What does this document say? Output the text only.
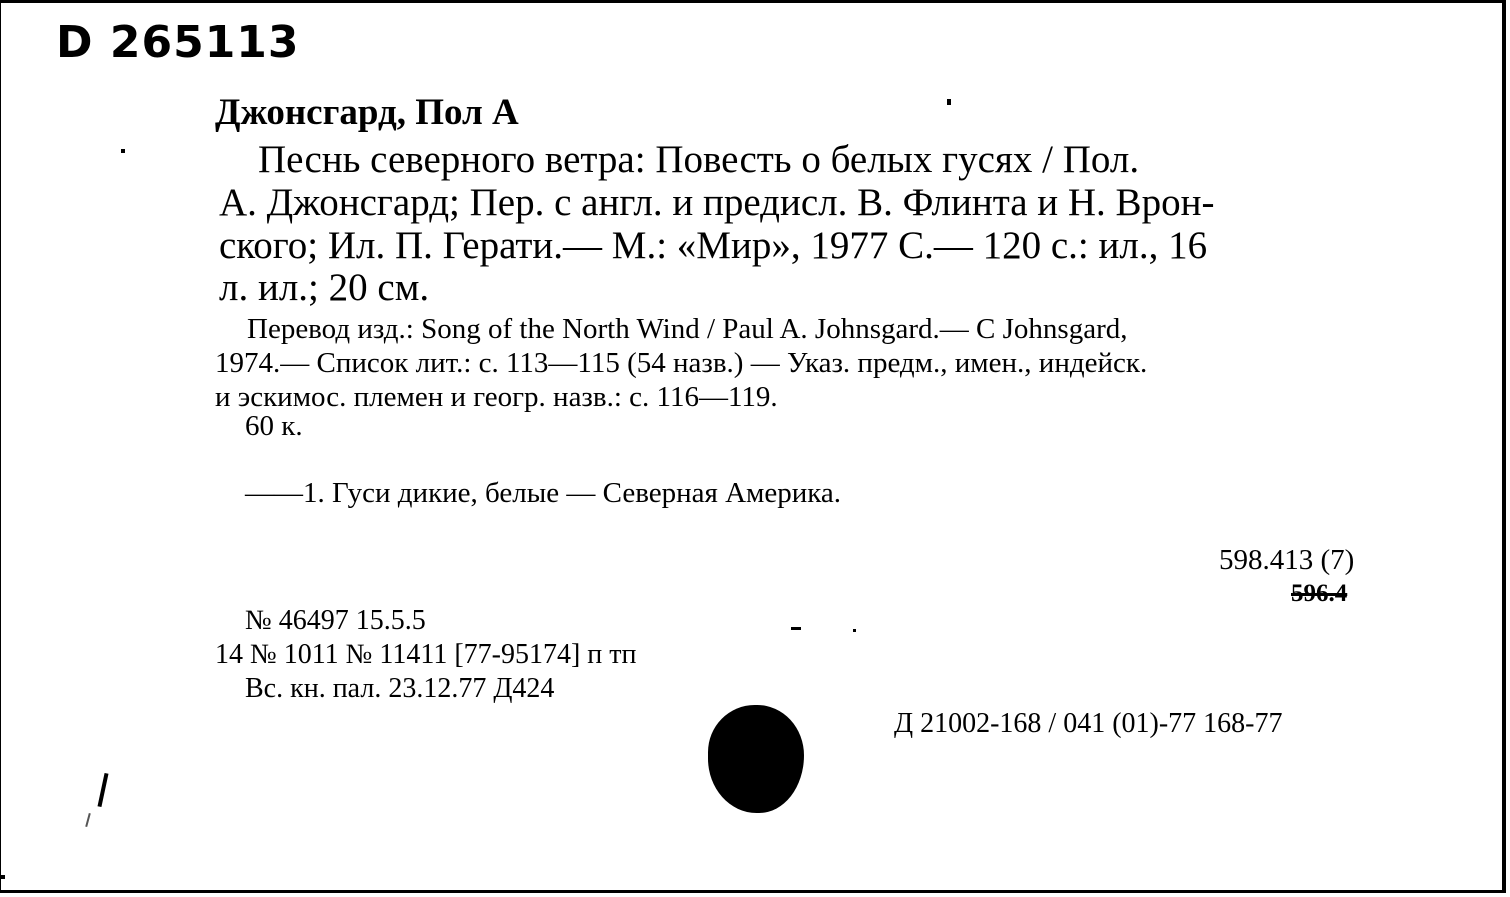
D 265113
Джонсгард, Пол А
Песнь северного ветра: Повесть о белых гусях / Пол.
А. Джонсгард; Пер. с англ. и предисл. В. Флинта и Н. Врон-
ского; Ил. П. Герати.— М.: «Мир», 1977 С.— 120 с.: ил., 16
л. ил.; 20 см.
Перевод изд.: Song of the North Wind / Paul A. Johnsgard.— C Johnsgard,
1974.— Список лит.: с. 113—115 (54 назв.) — Указ. предм., имен., индейск.
и эскимос. племен и геогр. назв.: с. 116—119.
60 к.
——1. Гуси дикие, белые — Северная Америка.
598.413 (7)
596.4
№ 46497 15.5.5
14 № 1011 № 11411 [77-95174] п тп
Вс. кн. пал. 23.12.77 Д424
Д 21002-168 / 041 (01)-77 168-77
